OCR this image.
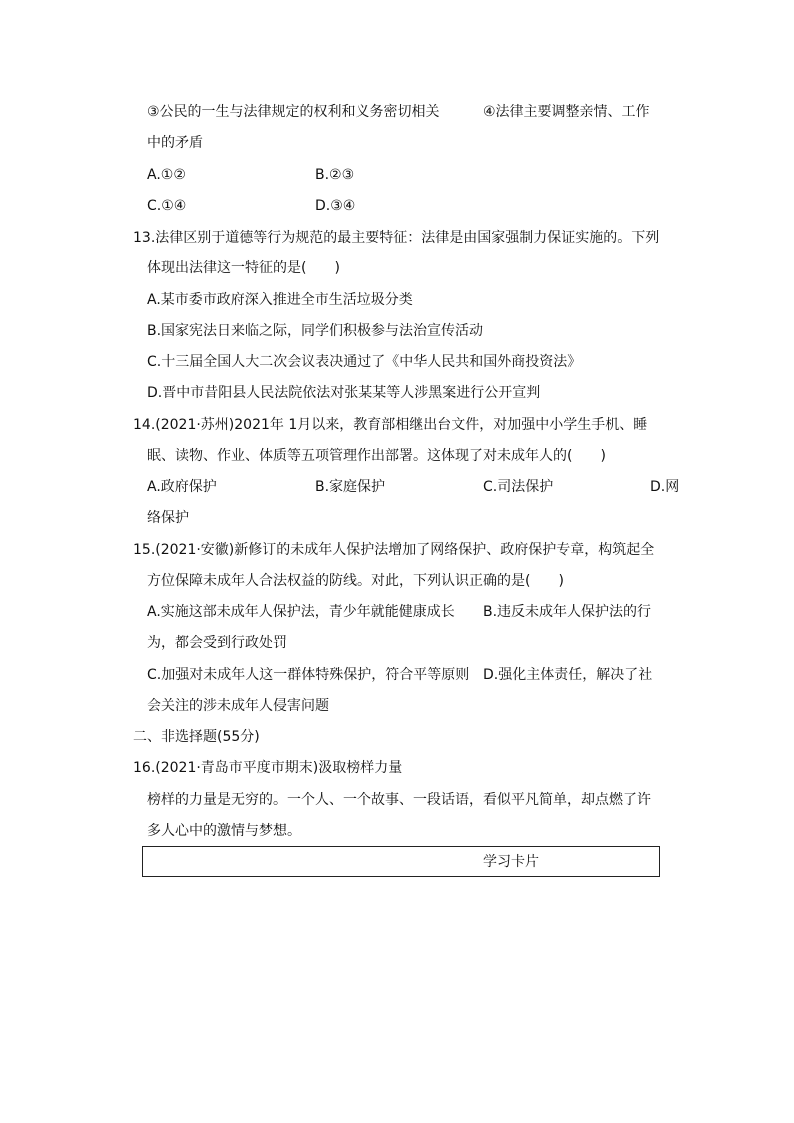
③公民的一生与法律规定的权利和义务密切相关	④法律主要调整亲情、工作
中的矛盾
A.①②	B.②③
C.①④	D.③④
13.法律区别于道德等行为规范的最主要特征：法律是由国家强制力保证实施的。下列
体现出法律这一特征的是(　　)
A.某市委市政府深入推进全市生活垃圾分类
B.国家宪法日来临之际，同学们积极参与法治宣传活动
C.十三届全国人大二次会议表决通过了《中华人民共和国外商投资法》
D.晋中市昔阳县人民法院依法对张某某等人涉黑案进行公开宣判
14.(2021·苏州)2021年 1月以来，教育部相继出台文件，对加强中小学生手机、睡
眠、读物、作业、体质等五项管理作出部署。这体现了对未成年人的(　　)
A.政府保护	B.家庭保护	C.司法保护	D.网
络保护
15.(2021·安徽)新修订的未成年人保护法增加了网络保护、政府保护专章，构筑起全
方位保障未成年人合法权益的防线。对此，下列认识正确的是(　　)
A.实施这部未成年人保护法，青少年就能健康成长 B.违反未成年人保护法的行
为，都会受到行政处罚
C.加强对未成年人这一群体特殊保护，符合平等原则 D.强化主体责任，解决了社
会关注的涉未成年人侵害问题
二、非选择题(55分)
16.(2021·青岛市平度市期末)汲取榜样力量
榜样的力量是无穷的。一个人、一个故事、一段话语，看似平凡简单，却点燃了许
多人心中的激情与梦想。
学习卡片
